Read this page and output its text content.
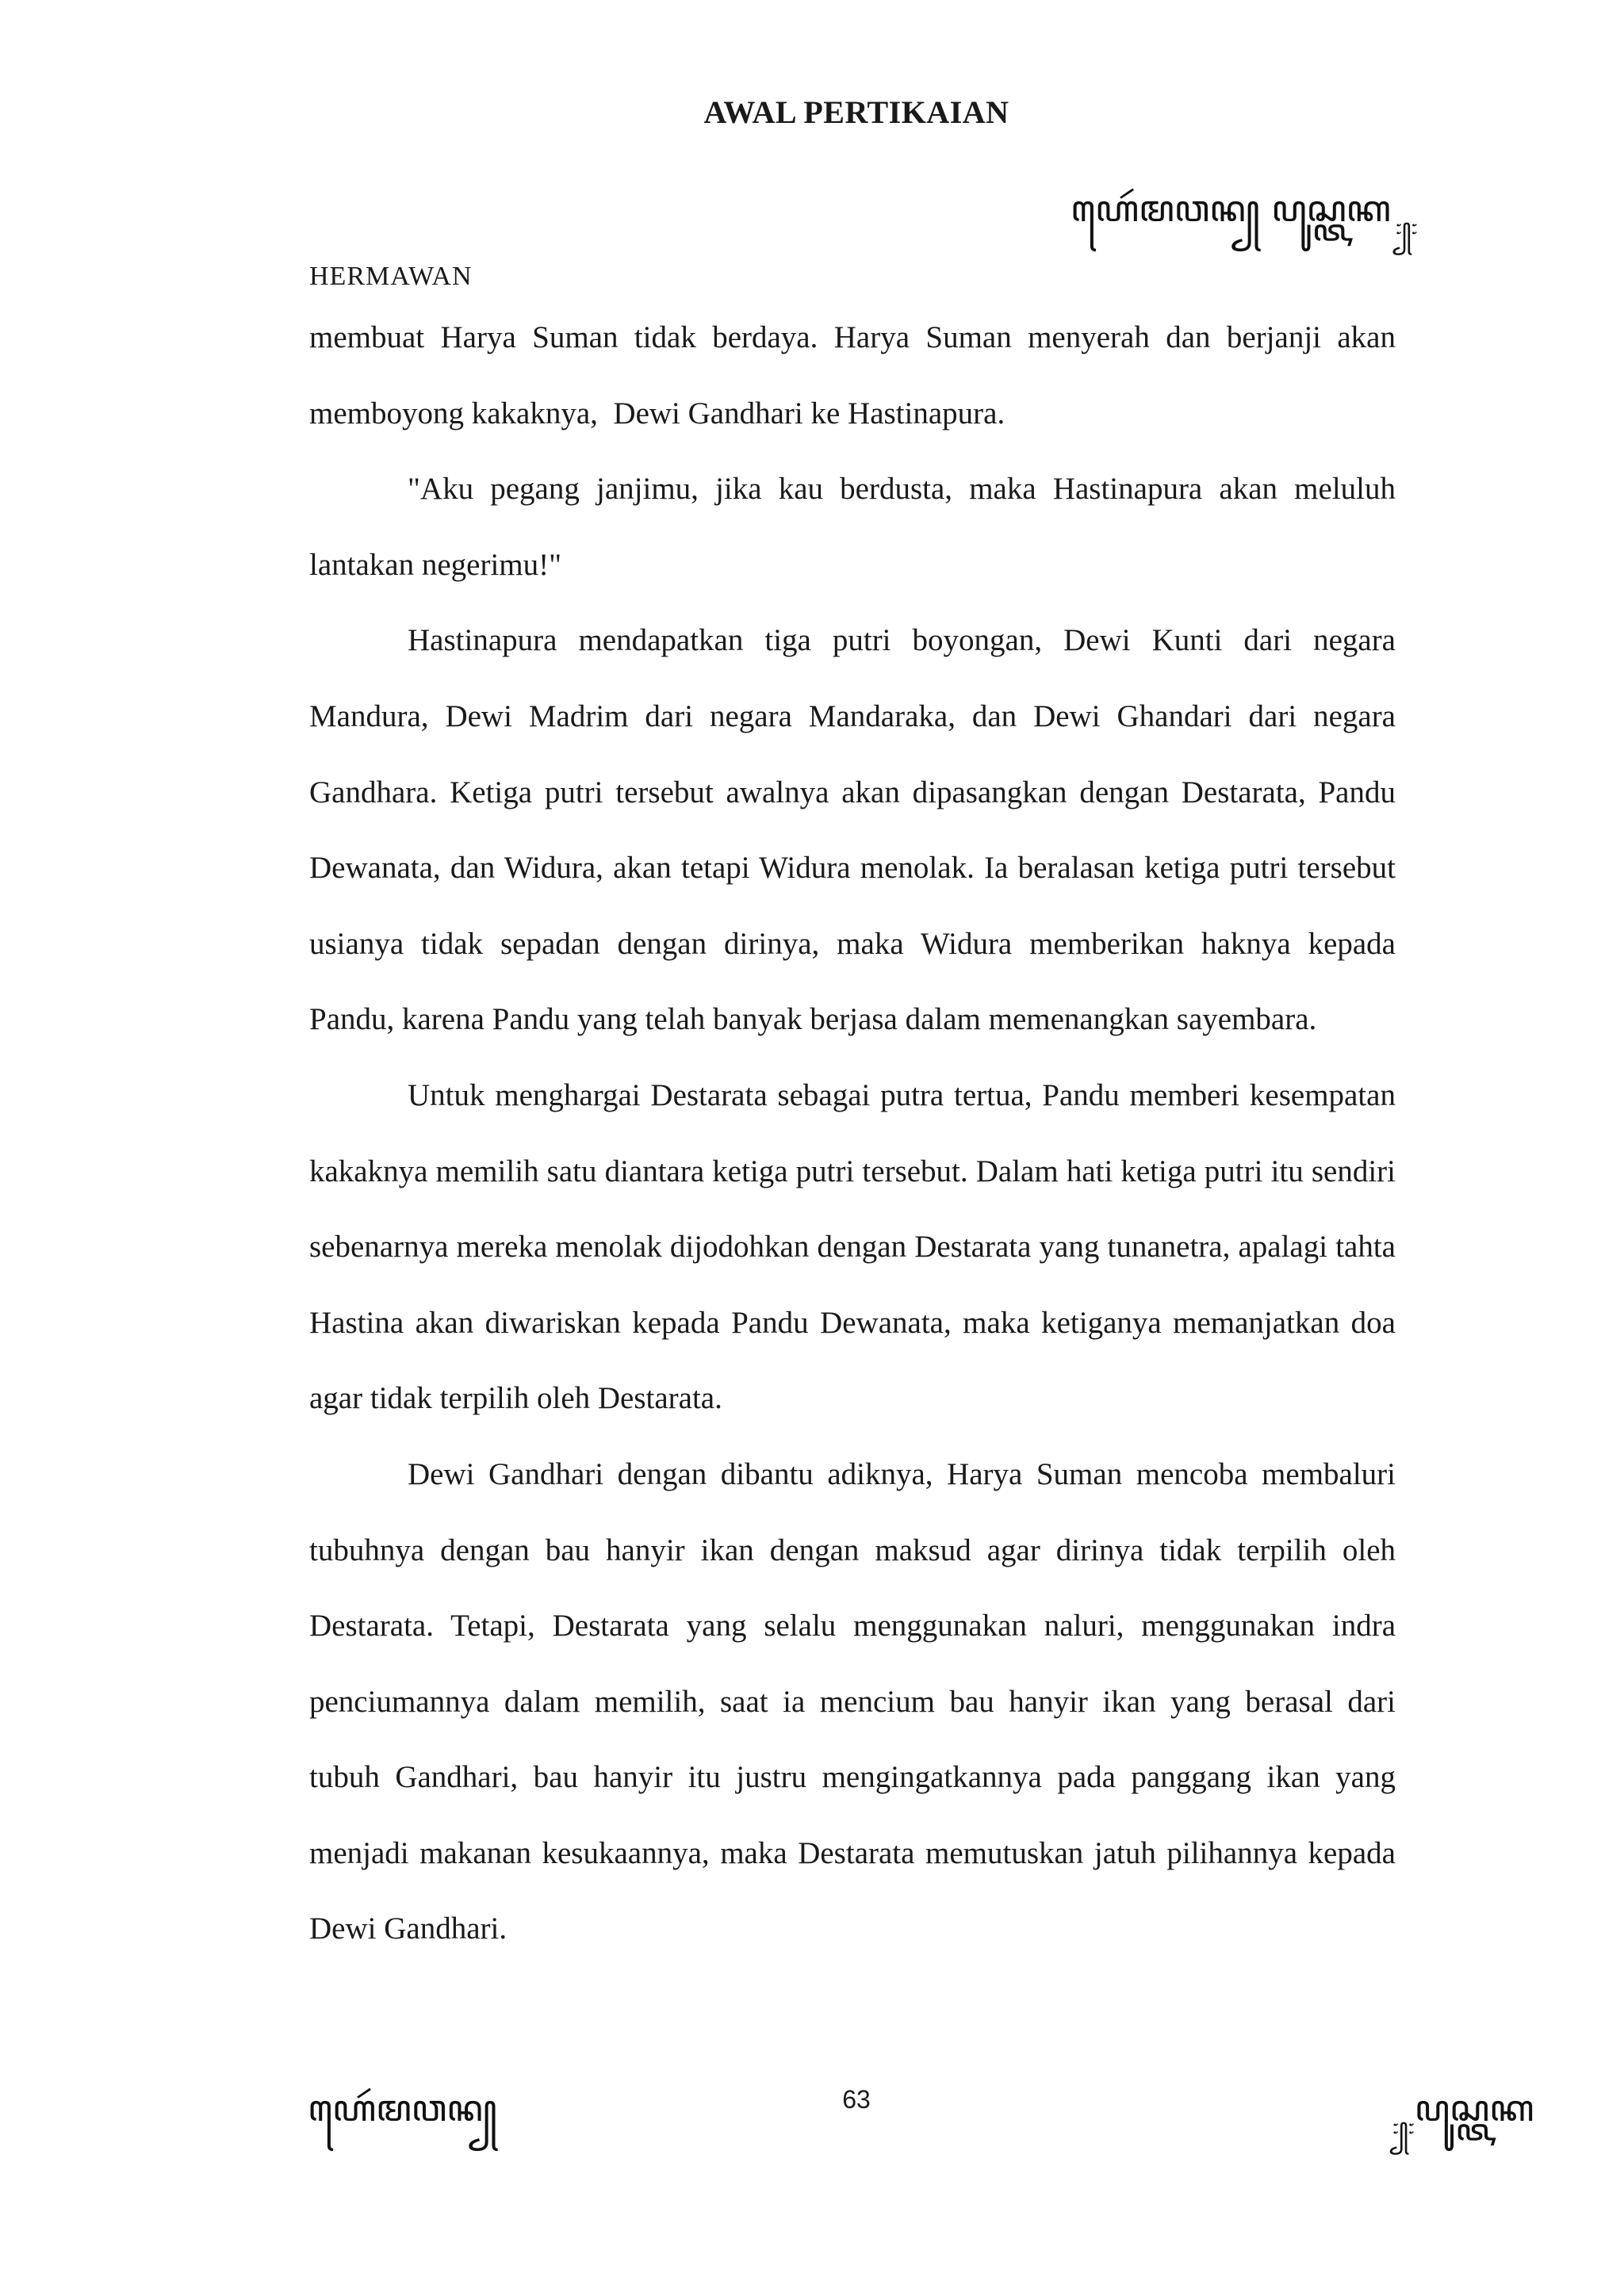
AWAL PERTIKAIAN
ꦲꦺꦂꦩꦮꦤ꧀ ꦥꦸꦱ꧀ꦠꦏ $_{꧇꧀꧇}$
HERMAWAN

membuat Harya Suman tidak berdaya. Harya Suman menyerah dan berjanji akan memboyong kakaknya,  Dewi Gandhari ke Hastinapura.

"Aku pegang janjimu, jika kau berdusta, maka Hastinapura akan meluluh lantakan negerimu!"

Hastinapura mendapatkan tiga putri boyongan, Dewi Kunti dari negara Mandura, Dewi Madrim dari negara Mandaraka, dan Dewi Ghandari dari negara Gandhara. Ketiga putri tersebut awalnya akan dipasangkan dengan Destarata, Pandu Dewanata, dan Widura, akan tetapi Widura menolak. Ia beralasan ketiga putri tersebut usianya tidak sepadan dengan dirinya, maka Widura memberikan haknya kepada Pandu, karena Pandu yang telah banyak berjasa dalam memenangkan sayembara.

Untuk menghargai Destarata sebagai putra tertua, Pandu memberi kesempatan kakaknya memilih satu diantara ketiga putri tersebut. Dalam hati ketiga putri itu sendiri sebenarnya mereka menolak dijodohkan dengan Destarata yang tunanetra, apalagi tahta Hastina akan diwariskan kepada Pandu Dewanata, maka ketiganya memanjatkan doa agar tidak terpilih oleh Destarata.

Dewi Gandhari dengan dibantu adiknya, Harya Suman mencoba membaluri tubuhnya dengan bau hanyir ikan dengan maksud agar dirinya tidak terpilih oleh Destarata. Tetapi, Destarata yang selalu menggunakan naluri, menggunakan indra penciumannya dalam memilih, saat ia mencium bau hanyir ikan yang berasal dari tubuh Gandhari, bau hanyir itu justru mengingatkannya pada panggang ikan yang menjadi makanan kesukaannya, maka Destarata memutuskan jatuh pilihannya kepada Dewi Gandhari.

63
ꦲꦺꦂꦩꦮꦤ꧀	$_{꧇꧀꧇}$ꦥꦸꦱ꧀ꦠꦏ
